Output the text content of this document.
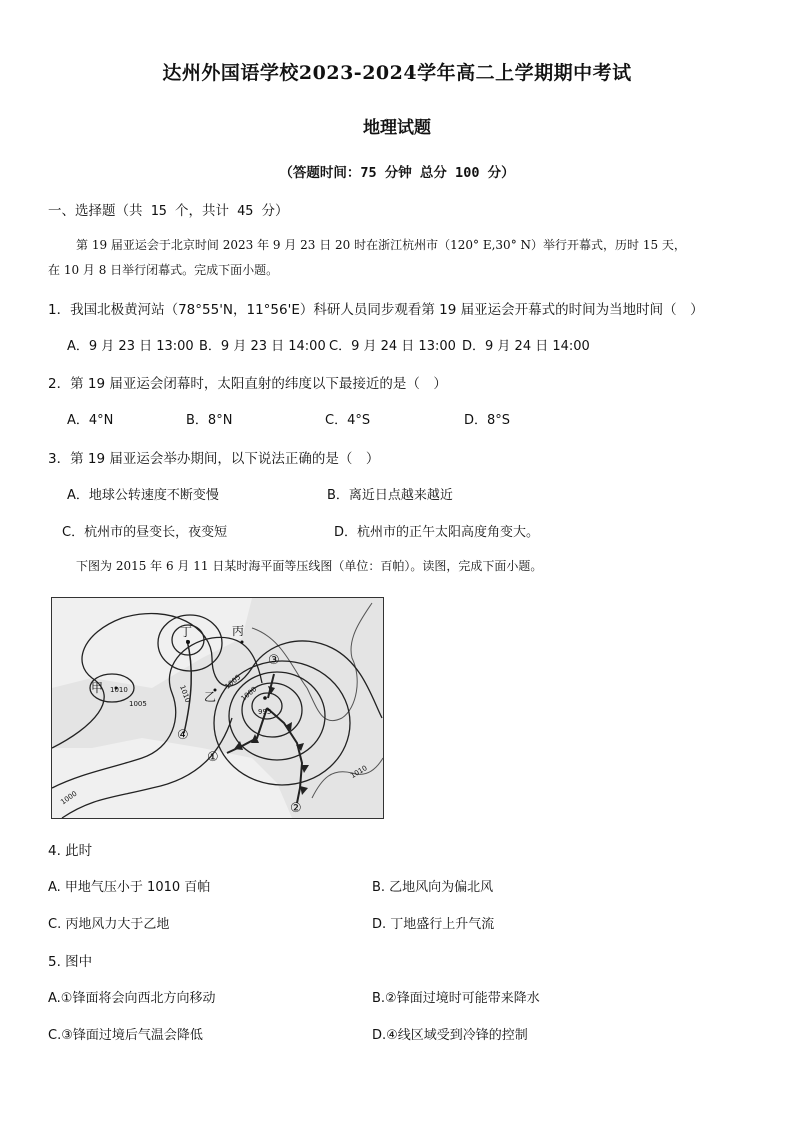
达州外国语学校2023-2024学年高二上学期期中考试
地理试题
（答题时间：75 分钟 总分 100 分）
一、选择题（共 15 个，共计 45 分）
第 19 届亚运会于北京时间 2023 年 9 月 23 日 20 时在浙江杭州市（120° E,30° N）举行开幕式，历时 15 天，
在 10 月 8 日举行闭幕式。完成下面小题。
1．我国北极黄河站（78°55'N，11°56'E）科研人员同步观看第 19 届亚运会开幕式的时间为当地时间（　）
A．9 月 23 日 13:00 B．9 月 23 日 14:00 C．9 月 24 日 13:00 D．9 月 24 日 14:00
2．第 19 届亚运会闭幕时，太阳直射的纬度以下最接近的是（　）
A．4°N	B．8°N	C．4°S	D．8°S
3．第 19 届亚运会举办期间，以下说法正确的是（　）
A．地球公转速度不断变慢	B．离近日点越来越近
C．杭州市的昼变长，夜变短	D．杭州市的正午太阳高度角变大。
下图为 2015 年 6 月 11 日某时海平面等压线图（单位：百帕）。读图，完成下面小题。
丁	丙
甲
乙
①
②
③
④
1010
1005
1010
1005
1000
995
1010
1000
4. 此时
A. 甲地气压小于 1010 百帕	B. 乙地风向为偏北风
C. 丙地风力大于乙地	D. 丁地盛行上升气流
5. 图中
A.①锋面将会向西北方向移动	B.②锋面过境时可能带来降水
C.③锋面过境后气温会降低	D.④线区域受到冷锋的控制
